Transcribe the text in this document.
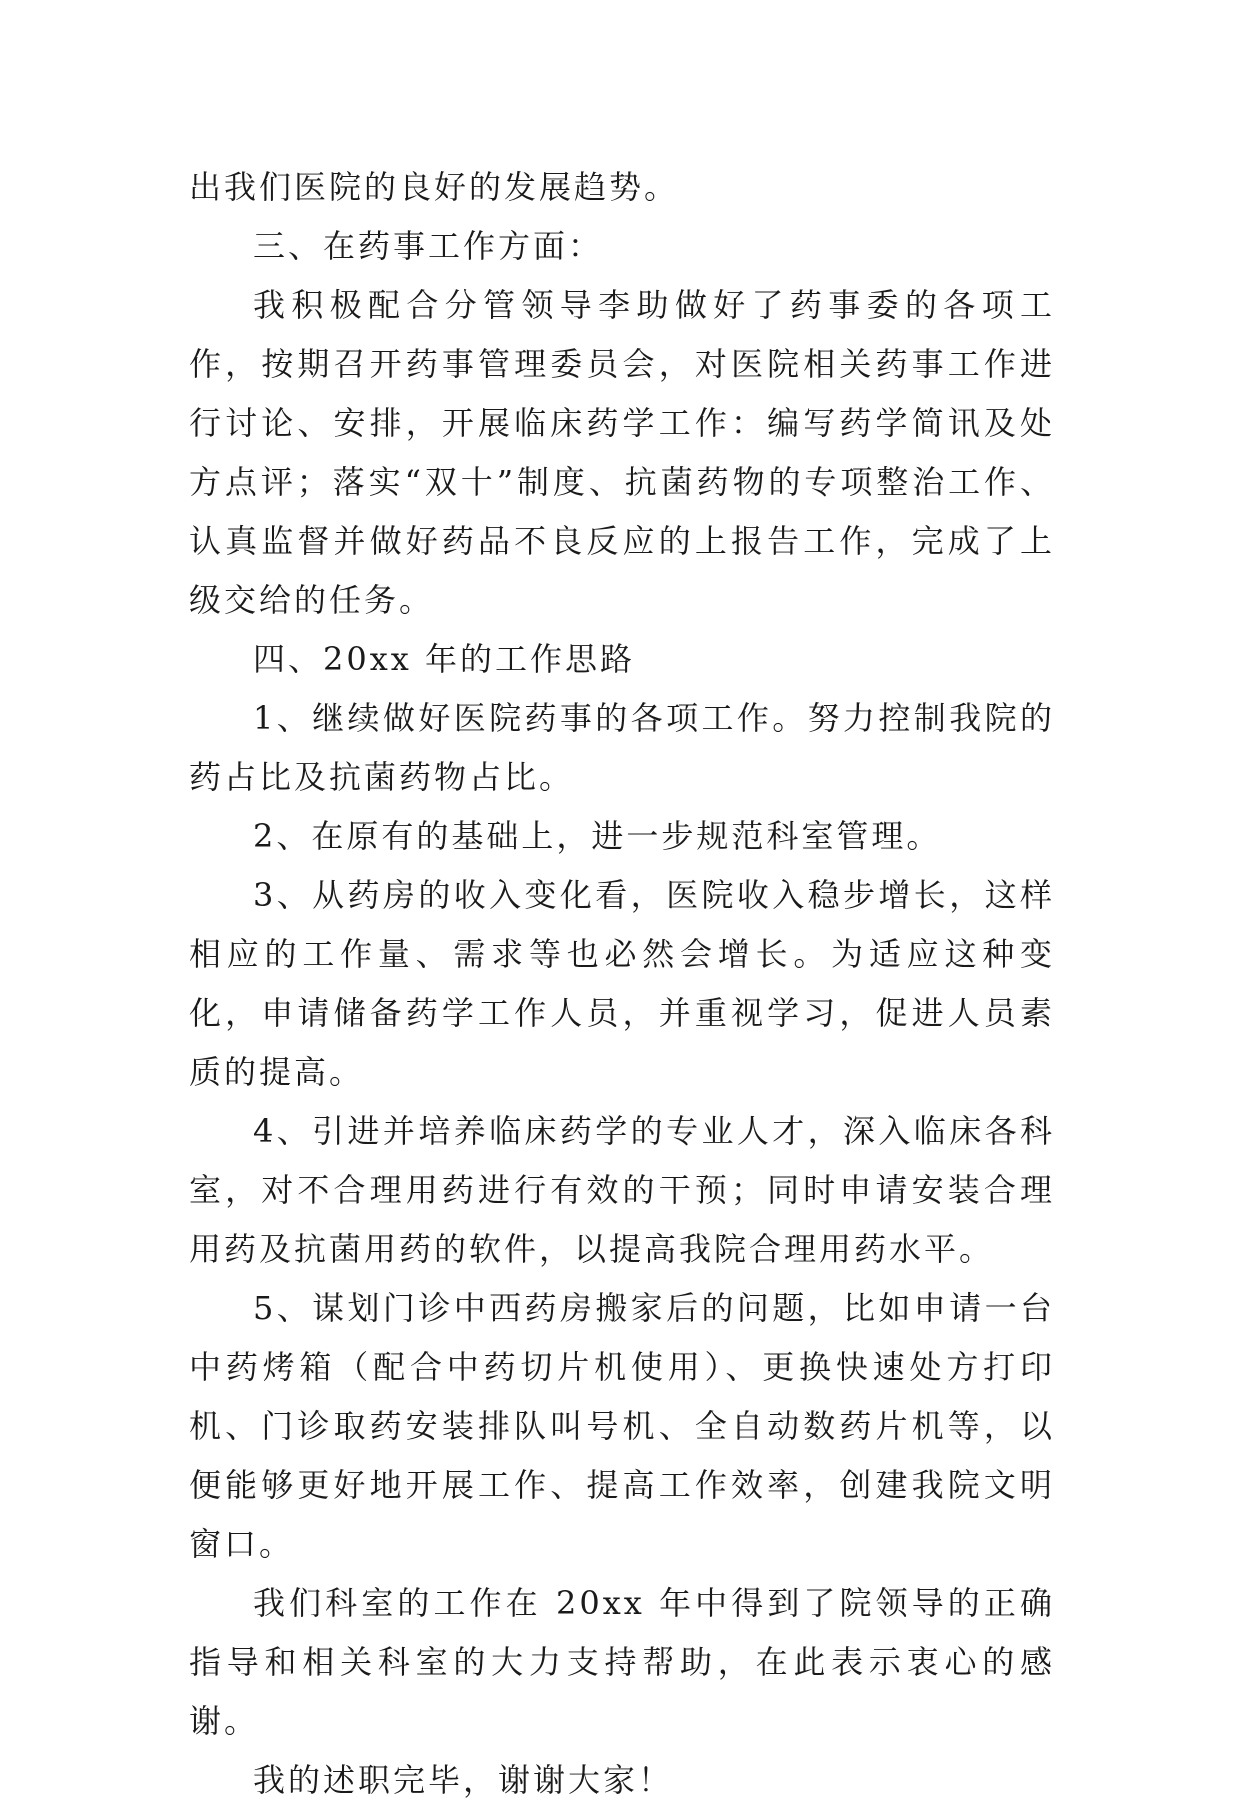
出我们医院的良好的发展趋势。

三、在药事工作方面：

我积极配合分管领导李助做好了药事委的各项工作，按期召开药事管理委员会，对医院相关药事工作进行讨论、安排，开展临床药学工作：编写药学简讯及处方点评；落实“双十”制度、抗菌药物的专项整治工作、认真监督并做好药品不良反应的上报告工作，完成了上级交给的任务。

四、20xx 年的工作思路

1、继续做好医院药事的各项工作。努力控制我院的药占比及抗菌药物占比。

2、在原有的基础上，进一步规范科室管理。

3、从药房的收入变化看，医院收入稳步增长，这样相应的工作量、需求等也必然会增长。为适应这种变化，申请储备药学工作人员，并重视学习，促进人员素质的提高。

4、引进并培养临床药学的专业人才，深入临床各科室，对不合理用药进行有效的干预；同时申请安装合理用药及抗菌用药的软件，以提高我院合理用药水平。

5、谋划门诊中西药房搬家后的问题，比如申请一台中药烤箱（配合中药切片机使用）、更换快速处方打印机、门诊取药安装排队叫号机、全自动数药片机等，以便能够更好地开展工作、提高工作效率，创建我院文明窗口。

我们科室的工作在 20xx 年中得到了院领导的正确指导和相关科室的大力支持帮助，在此表示衷心的感谢。

我的述职完毕，谢谢大家！
